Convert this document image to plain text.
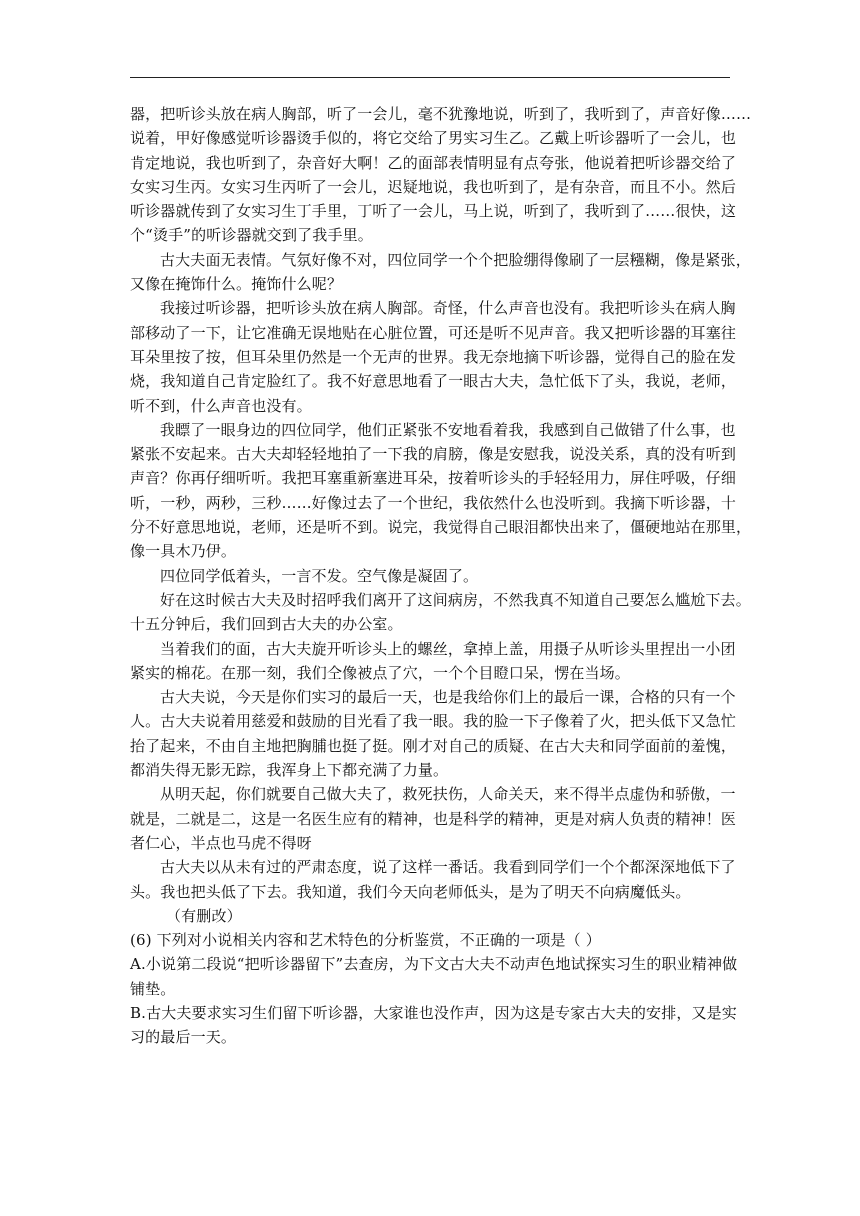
器，把听诊头放在病人胸部，听了一会儿，毫不犹豫地说，听到了，我听到了，声音好像……
说着，甲好像感觉听诊器烫手似的，将它交给了男实习生乙。乙戴上听诊器听了一会儿，也
肯定地说，我也听到了，杂音好大啊！乙的面部表情明显有点夸张，他说着把听诊器交给了
女实习生丙。女实习生丙听了一会儿，迟疑地说，我也听到了，是有杂音，而且不小。然后
听诊器就传到了女实习生丁手里，丁听了一会儿，马上说，听到了，我听到了……很快，这
个“烫手”的听诊器就交到了我手里。
古大夫面无表情。气氛好像不对，四位同学一个个把脸绷得像刷了一层糨糊，像是紧张，
又像在掩饰什么。掩饰什么呢？
我接过听诊器，把听诊头放在病人胸部。奇怪，什么声音也没有。我把听诊头在病人胸
部移动了一下，让它准确无误地贴在心脏位置，可还是听不见声音。我又把听诊器的耳塞往
耳朵里按了按，但耳朵里仍然是一个无声的世界。我无奈地摘下听诊器，觉得自己的脸在发
烧，我知道自己肯定脸红了。我不好意思地看了一眼古大夫，急忙低下了头，我说，老师，
听不到，什么声音也没有。
我瞟了一眼身边的四位同学，他们正紧张不安地看着我，我感到自己做错了什么事，也
紧张不安起来。古大夫却轻轻地拍了一下我的肩膀，像是安慰我，说没关系，真的没有听到
声音？你再仔细听听。我把耳塞重新塞进耳朵，按着听诊头的手轻轻用力，屏住呼吸，仔细
听，一秒，两秒，三秒……好像过去了一个世纪，我依然什么也没听到。我摘下听诊器，十
分不好意思地说，老师，还是听不到。说完，我觉得自己眼泪都快出来了，僵硬地站在那里，
像一具木乃伊。
四位同学低着头，一言不发。空气像是凝固了。
好在这时候古大夫及时招呼我们离开了这间病房，不然我真不知道自己要怎么尴尬下去。
十五分钟后，我们回到古大夫的办公室。
当着我们的面，古大夫旋开听诊头上的螺丝，拿掉上盖，用摄子从听诊头里捏出一小团
紧实的棉花。在那一刻，我们仝像被点了穴，一个个目瞪口呆，愣在当场。
古大夫说，今天是你们实习的最后一天，也是我给你们上的最后一课，合格的只有一个
人。古大夫说着用慈爱和鼓励的目光看了我一眼。我的脸一下子像着了火，把头低下又急忙
抬了起来，不由自主地把胸脯也挺了挺。刚才对自己的质疑、在古大夫和同学面前的羞愧，
都消失得无影无踪，我浑身上下都充满了力量。
从明天起，你们就要自己做大夫了，救死扶伤，人命关天，来不得半点虚伪和骄傲，一
就是，二就是二，这是一名医生应有的精神，也是科学的精神，更是对病人负责的精神！医
者仁心，半点也马虎不得呀
古大夫以从未有过的严肃态度，说了这样一番话。我看到同学们一个个都深深地低下了
头。我也把头低了下去。我知道，我们今天向老师低头，是为了明天不向病魔低头。
（有删改）
(6) 下列对小说相关内容和艺术特色的分析鉴赏，不正确的一项是（ ）
A.小说第二段说“把听诊器留下”去查房，为下文古大夫不动声色地试探实习生的职业精神做
铺垫。
B.古大夫要求实习生们留下听诊器，大家谁也没作声，因为这是专家古大夫的安排，又是实
习的最后一天。
